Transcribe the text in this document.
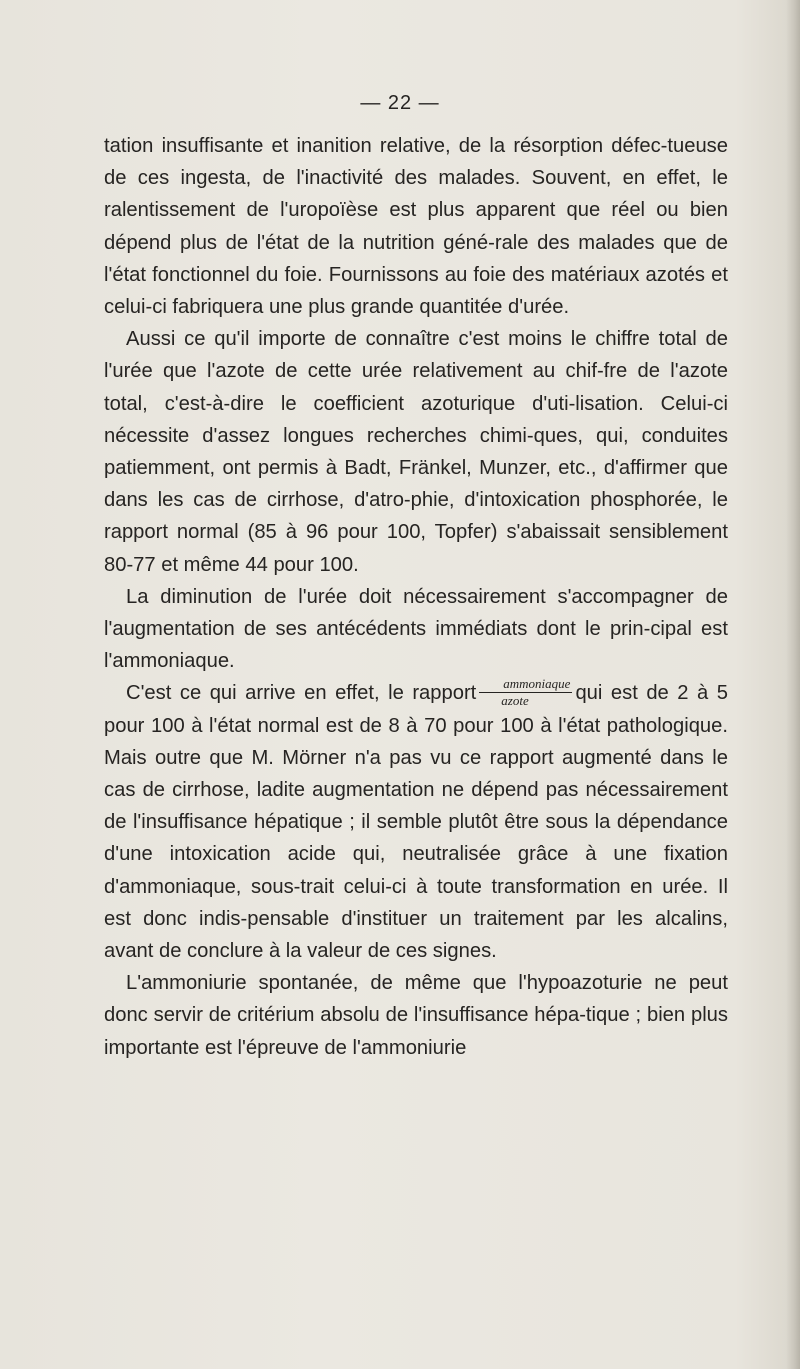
— 22 —

tation insuffisante et inanition relative, de la résorption défec-tueuse de ces ingesta, de l'inactivité des malades. Souvent, en effet, le ralentissement de l'uropoïèse est plus apparent que réel ou bien dépend plus de l'état de la nutrition géné-rale des malades que de l'état fonctionnel du foie. Fournissons au foie des matériaux azotés et celui-ci fabriquera une plus grande quantitée d'urée.

Aussi ce qu'il importe de connaître c'est moins le chiffre total de l'urée que l'azote de cette urée relativement au chif-fre de l'azote total, c'est-à-dire le coefficient azoturique d'uti-lisation. Celui-ci nécessite d'assez longues recherches chimi-ques, qui, conduites patiemment, ont permis à Badt, Fränkel, Munzer, etc., d'affirmer que dans les cas de cirrhose, d'atro-phie, d'intoxication phosphorée, le rapport normal (85 à 96 pour 100, Topfer) s'abaissait sensiblement 80-77 et même 44 pour 100.

La diminution de l'urée doit nécessairement s'accompagner de l'augmentation de ses antécédents immédiats dont le prin-cipal est l'ammoniaque.

C'est ce qui arrive en effet, le rapport $\frac{\text{ammoniaque}}{\text{azote}}$ qui est de 2 à 5 pour 100 à l'état normal est de 8 à 70 pour 100 à l'état pathologique. Mais outre que M. Mörner n'a pas vu ce rapport augmenté dans le cas de cirrhose, ladite augmentation ne dépend pas nécessairement de l'insuffisance hépatique ; il semble plutôt être sous la dépendance d'une intoxication acide qui, neutralisée grâce à une fixation d'ammoniaque, sous-trait celui-ci à toute transformation en urée. Il est donc indis-pensable d'instituer un traitement par les alcalins, avant de conclure à la valeur de ces signes.

L'ammoniurie spontanée, de même que l'hypoazoturie ne peut donc servir de critérium absolu de l'insuffisance hépa-tique ; bien plus importante est l'épreuve de l'ammoniurie
